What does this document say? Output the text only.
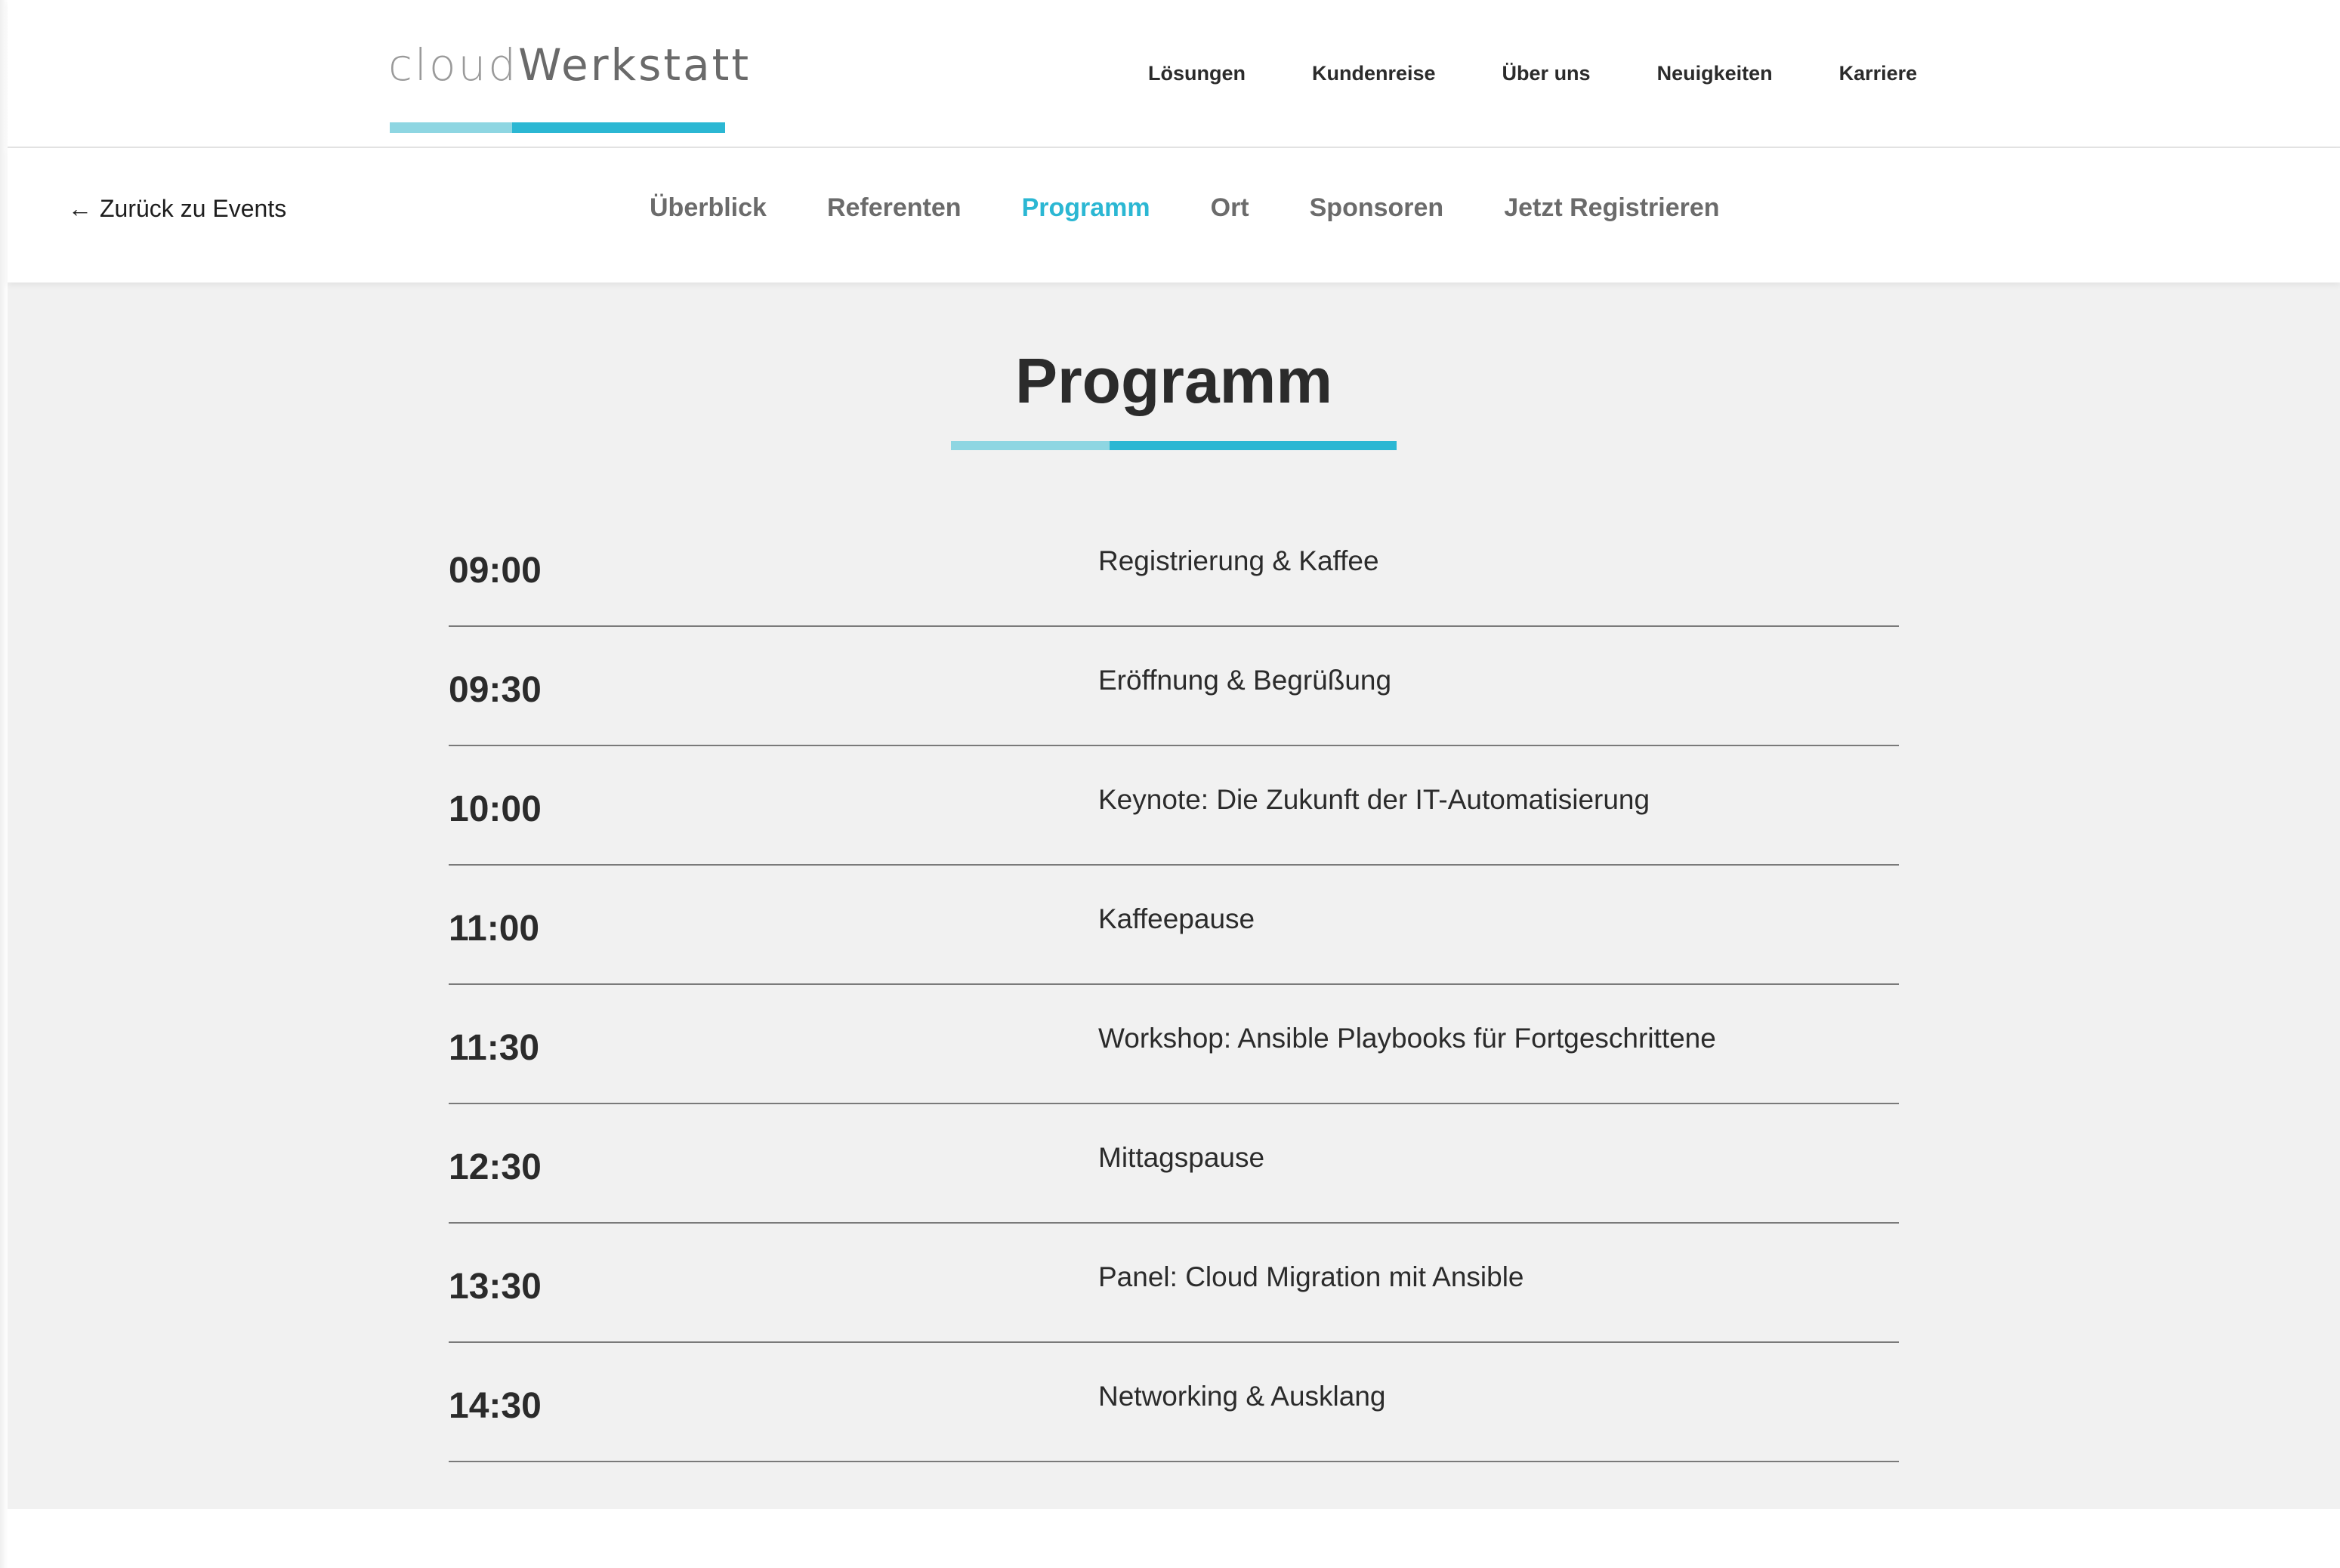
cloudWerkstatt	Lösungen	Kundenreise	Über uns	Neuigkeiten	Karriere
← Zurück zu Events	Überblick Referenten Programm Ort Sponsoren Jetzt Registrieren
Programm
09:00	Registrierung & Kaffee
09:30	Eröffnung & Begrüßung
10:00	Keynote: Die Zukunft der IT-Automatisierung
11:00	Kaffeepause
11:30	Workshop: Ansible Playbooks für Fortgeschrittene
12:30	Mittagspause
13:30	Panel: Cloud Migration mit Ansible
14:30	Networking & Ausklang
